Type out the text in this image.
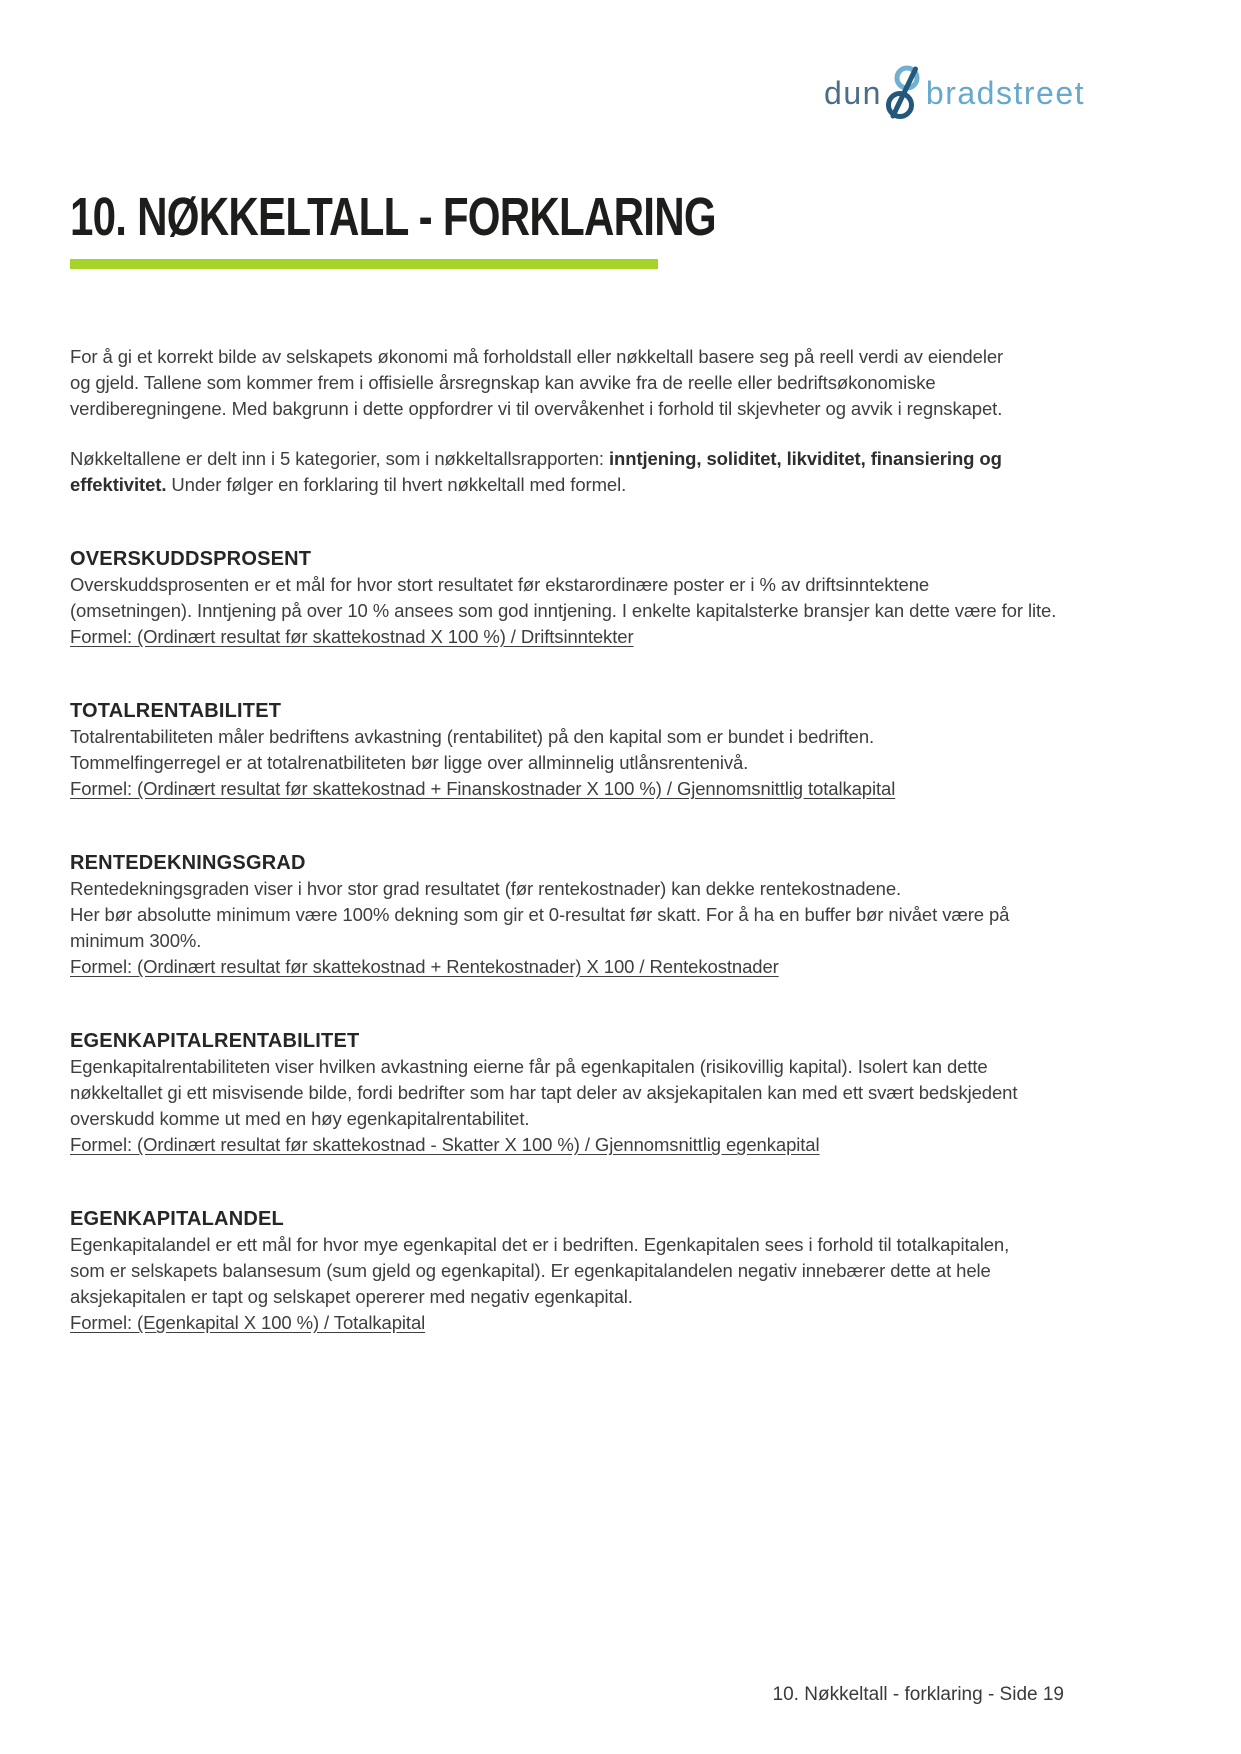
dun bradstreet
10. NØKKELTALL - FORKLARING
For å gi et korrekt bilde av selskapets økonomi må forholdstall eller nøkkeltall basere seg på reell verdi av eiendeler
og gjeld. Tallene som kommer frem i offisielle årsregnskap kan avvike fra de reelle eller bedriftsøkonomiske
verdiberegningene. Med bakgrunn i dette oppfordrer vi til overvåkenhet i forhold til skjevheter og avvik i regnskapet.
Nøkkeltallene er delt inn i 5 kategorier, som i nøkkeltallsrapporten: inntjening, soliditet, likviditet, finansiering og
effektivitet. Under følger en forklaring til hvert nøkkeltall med formel.
OVERSKUDDSPROSENT
Overskuddsprosenten er et mål for hvor stort resultatet før ekstarordinære poster er i % av driftsinntektene
(omsetningen). Inntjening på over 10 % ansees som god inntjening. I enkelte kapitalsterke bransjer kan dette være for lite.
Formel: (Ordinært resultat før skattekostnad X 100 %) / Driftsinntekter
TOTALRENTABILITET
Totalrentabiliteten måler bedriftens avkastning (rentabilitet) på den kapital som er bundet i bedriften.
Tommelfingerregel er at totalrenatbiliteten bør ligge over allminnelig utlånsrentenivå.
Formel: (Ordinært resultat før skattekostnad + Finanskostnader X 100 %) / Gjennomsnittlig totalkapital
RENTEDEKNINGSGRAD
Rentedekningsgraden viser i hvor stor grad resultatet (før rentekostnader) kan dekke rentekostnadene.
Her bør absolutte minimum være 100% dekning som gir et 0-resultat før skatt. For å ha en buffer bør nivået være på
minimum 300%.
Formel: (Ordinært resultat før skattekostnad + Rentekostnader) X 100 / Rentekostnader
EGENKAPITALRENTABILITET
Egenkapitalrentabiliteten viser hvilken avkastning eierne får på egenkapitalen (risikovillig kapital). Isolert kan dette
nøkkeltallet gi ett misvisende bilde, fordi bedrifter som har tapt deler av aksjekapitalen kan med ett svært bedskjedent
overskudd komme ut med en høy egenkapitalrentabilitet.
Formel: (Ordinært resultat før skattekostnad - Skatter X 100 %) / Gjennomsnittlig egenkapital
EGENKAPITALANDEL
Egenkapitalandel er ett mål for hvor mye egenkapital det er i bedriften. Egenkapitalen sees i forhold til totalkapitalen,
som er selskapets balansesum (sum gjeld og egenkapital). Er egenkapitalandelen negativ innebærer dette at hele
aksjekapitalen er tapt og selskapet opererer med negativ egenkapital.
Formel: (Egenkapital X 100 %) / Totalkapital
10. Nøkkeltall - forklaring - Side 19
